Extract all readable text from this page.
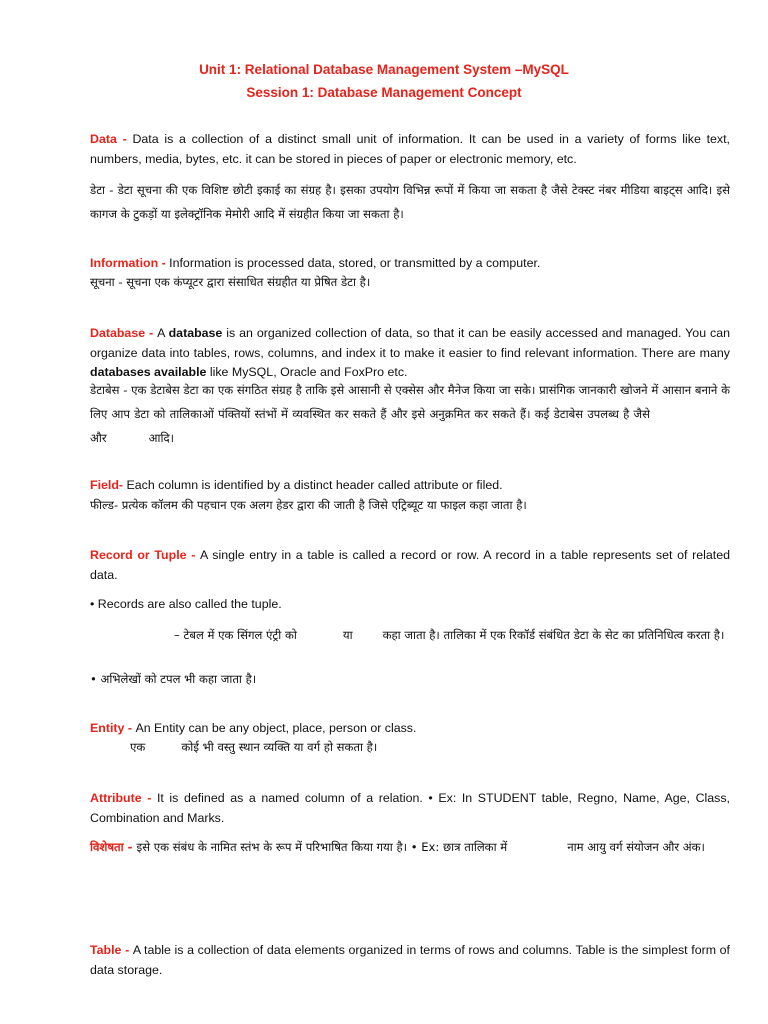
Unit 1: Relational Database Management System –MySQL
Session 1: Database Management Concept
Data - Data is a collection of a distinct small unit of information. It can be used in a variety of forms like text, numbers, media, bytes, etc. it can be stored in pieces of paper or electronic memory, etc.
डेटा - डेटा सूचना की एक विशिष्ट छोटी इकाई का संग्रह है। इसका उपयोग विभिन्न रूपों में किया जा सकता है जैसे टेक्स्ट नंबर मीडिया बाइट्स आदि। इसे कागज के टुकड़ों या इलेक्ट्रॉनिक मेमोरी आदि में संग्रहीत किया जा सकता है।
Information - Information is processed data, stored, or transmitted by a computer.
सूचना - सूचना एक कंप्यूटर द्वारा संसाधित संग्रहीत या प्रेषित डेटा है।
Database - A database is an organized collection of data, so that it can be easily accessed and managed. You can organize data into tables, rows, columns, and index it to make it easier to find relevant information. There are many databases available like MySQL, Oracle and FoxPro etc.
डेटाबेस - एक डेटाबेस डेटा का एक संगठित संग्रह है ताकि इसे आसानी से एक्सेस और मैनेज किया जा सके। प्रासंगिक जानकारी खोजने में आसान बनाने के लिए आप डेटा को तालिकाओं पंक्तियों स्तंभों में व्यवस्थित कर सकते हैं और इसे अनुक्रमित कर सकते हैं। कई डेटाबेस उपलब्ध है जैसेऔर	आदि।
Field- Each column is identified by a distinct header called attribute or filed.
फील्ड- प्रत्येक कॉलम की पहचान एक अलग हेडर द्वारा की जाती है जिसे एट्रिब्यूट या फाइल कहा जाता है।
Record or Tuple - A single entry in a table is called a record or row. A record in a table represents set of related data.
• Records are also called the tuple.
– टेबल में एक सिंगल एंट्री को	या	कहा जाता है। तालिका में एक रिकॉर्ड संबंधित डेटा के सेट का प्रतिनिधित्व करता है।
• अभिलेखों को टपल भी कहा जाता है।
Entity - An Entity can be any object, place, person or class.
एक	कोई भी वस्तु स्थान व्यक्ति या वर्ग हो सकता है।
Attribute - It is defined as a named column of a relation. • Ex: In STUDENT table, Regno, Name, Age, Class, Combination and Marks.
विशेषता - इसे एक संबंध के नामित स्तंभ के रूप में परिभाषित किया गया है। • Ex: छात्र तालिका में	नाम आयु वर्ग संयोजन और अंक।
Table - A table is a collection of data elements organized in terms of rows and columns. Table is the simplest form of data storage.
